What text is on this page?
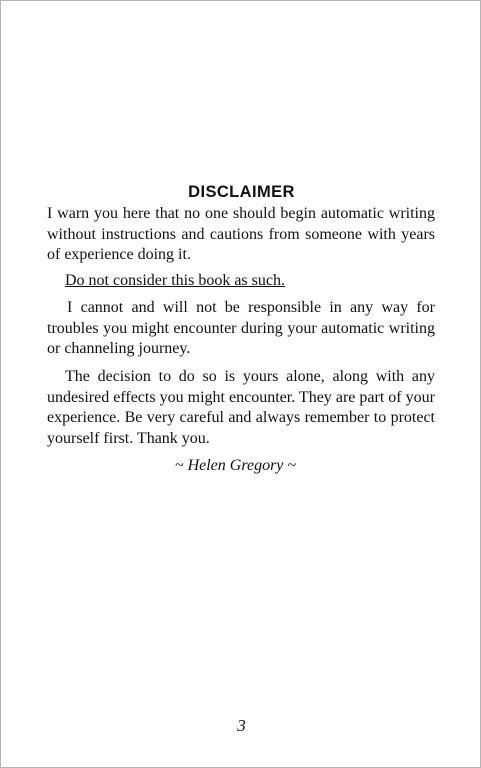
DISCLAIMER

I warn you here that no one should begin automatic writing without instructions and cautions from someone with years of experience doing it.

Do not consider this book as such.

I cannot and will not be responsible in any way for troubles you might encounter during your automatic writing or channeling journey.

The decision to do so is yours alone, along with any undesired effects you might encounter. They are part of your experience. Be very careful and always remember to protect yourself first. Thank you.

~ Helen Gregory ~
3
